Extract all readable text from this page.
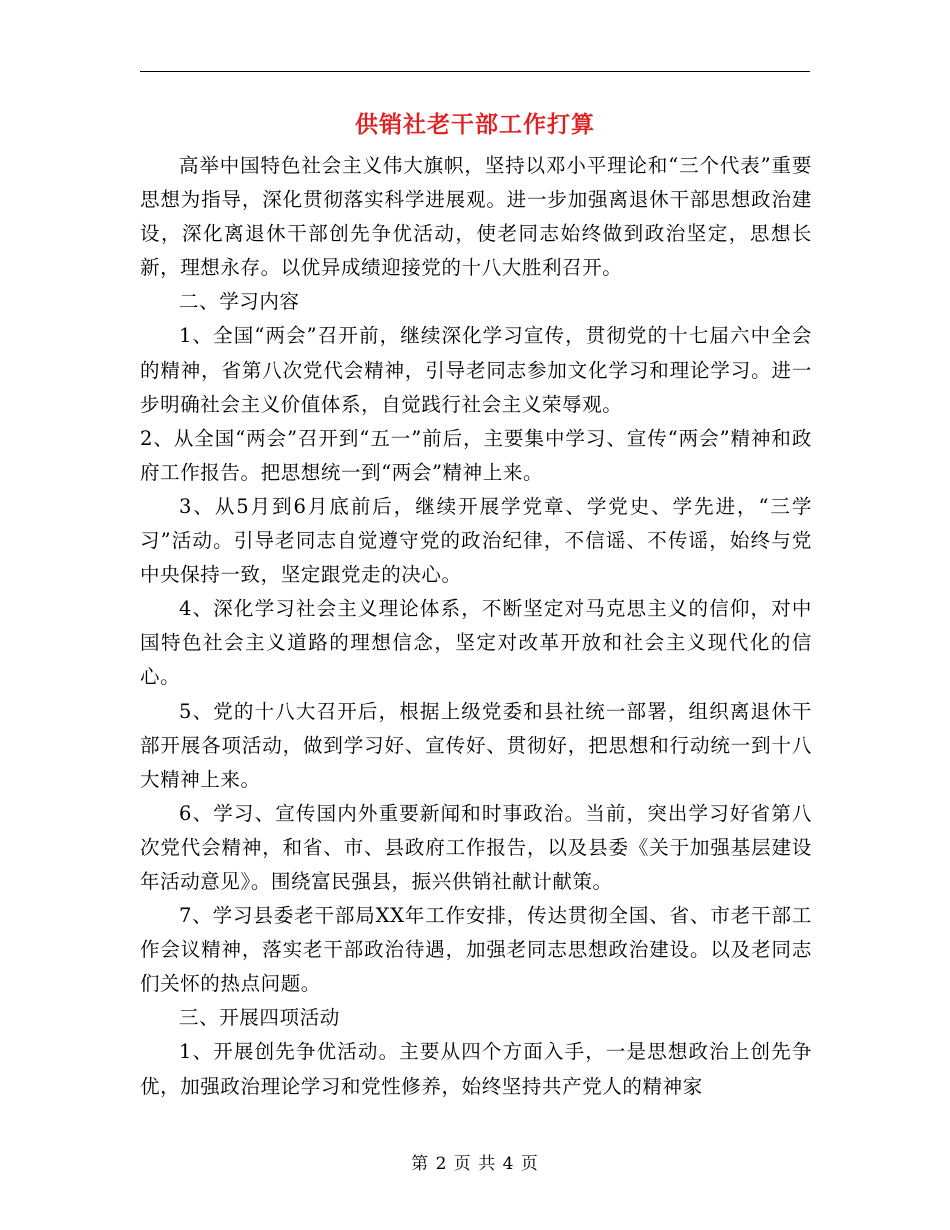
供销社老干部工作打算

高举中国特色社会主义伟大旗帜，坚持以邓小平理论和“三个代表”重要思想为指导，深化贯彻落实科学进展观。进一步加强离退休干部思想政治建设，深化离退休干部创先争优活动，使老同志始终做到政治坚定，思想长新，理想永存。以优异成绩迎接党的十八大胜利召开。

二、学习内容

1、全国“两会”召开前，继续深化学习宣传，贯彻党的十七届六中全会的精神，省第八次党代会精神，引导老同志参加文化学习和理论学习。进一步明确社会主义价值体系，自觉践行社会主义荣辱观。

2、从全国“两会”召开到“五一”前后，主要集中学习、宣传“两会”精神和政府工作报告。把思想统一到“两会”精神上来。

3、从5月到6月底前后，继续开展学党章、学党史、学先进，“三学习”活动。引导老同志自觉遵守党的政治纪律，不信谣、不传谣，始终与党中央保持一致，坚定跟党走的决心。

4、深化学习社会主义理论体系，不断坚定对马克思主义的信仰，对中国特色社会主义道路的理想信念，坚定对改革开放和社会主义现代化的信心。

5、党的十八大召开后，根据上级党委和县社统一部署，组织离退休干部开展各项活动，做到学习好、宣传好、贯彻好，把思想和行动统一到十八大精神上来。

6、学习、宣传国内外重要新闻和时事政治。当前，突出学习好省第八次党代会精神，和省、市、县政府工作报告，以及县委《关于加强基层建设年活动意见》。围绕富民强县，振兴供销社献计献策。

7、学习县委老干部局XX年工作安排，传达贯彻全国、省、市老干部工作会议精神，落实老干部政治待遇，加强老同志思想政治建设。以及老同志们关怀的热点问题。

三、开展四项活动

1、开展创先争优活动。主要从四个方面入手，一是思想政治上创先争优，加强政治理论学习和党性修养，始终坚持共产党人的精神家

第 2 页 共 4 页
